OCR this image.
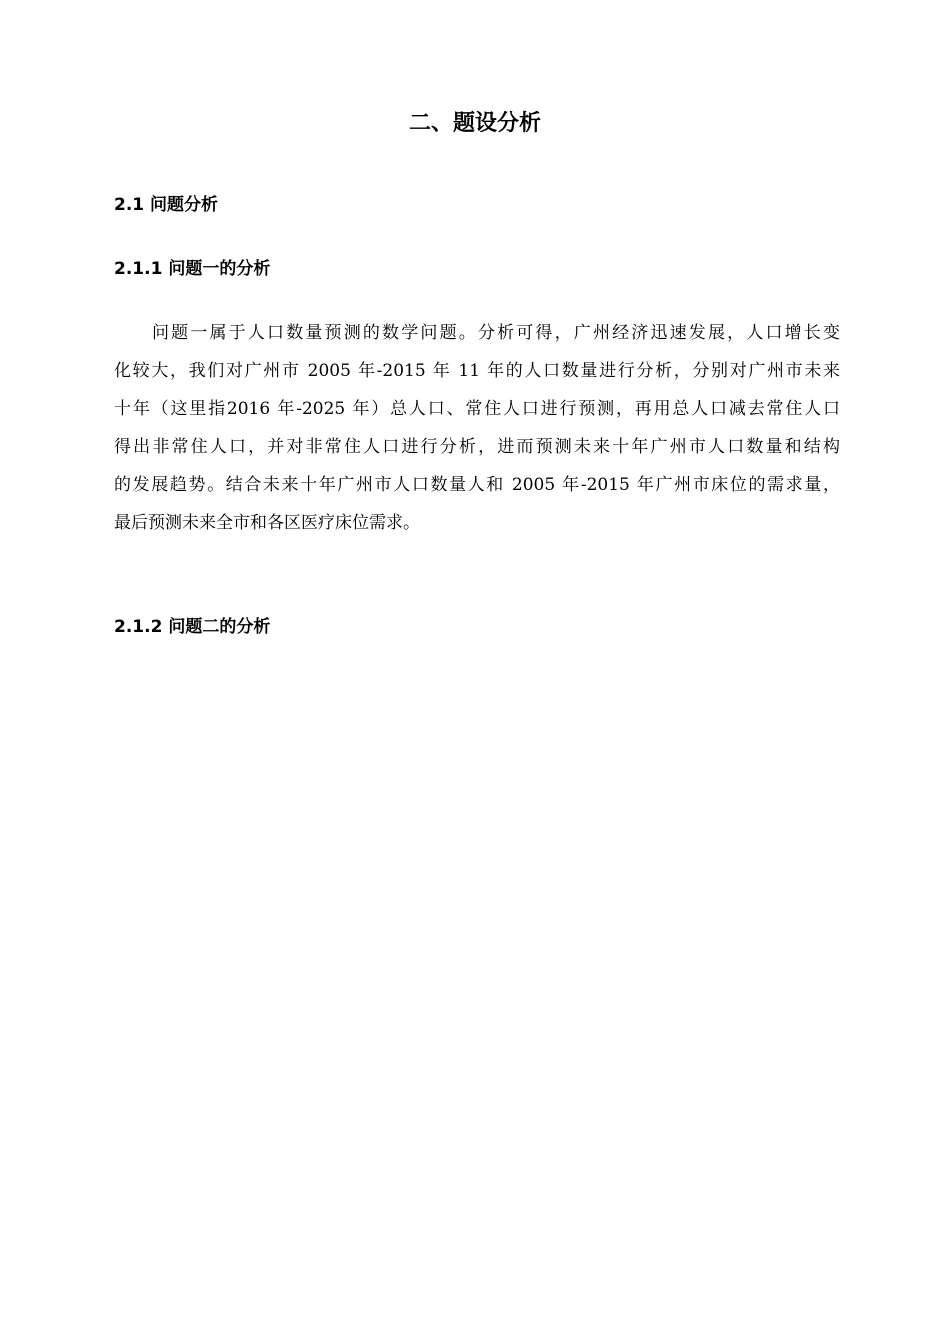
二、题设分析
2.1 问题分析
2.1.1 问题一的分析
问题一属于人口数量预测的数学问题。分析可得，广州经济迅速发展，人口增长变
化较大，我们对广州市 2005 年-2015 年 11 年的人口数量进行分析，分别对广州市未来
十年（这里指2016 年-2025 年）总人口、常住人口进行预测，再用总人口减去常住人口
得出非常住人口，并对非常住人口进行分析，进而预测未来十年广州市人口数量和结构
的发展趋势。结合未来十年广州市人口数量人和 2005 年-2015 年广州市床位的需求量，
最后预测未来全市和各区医疗床位需求。
2.1.2 问题二的分析
